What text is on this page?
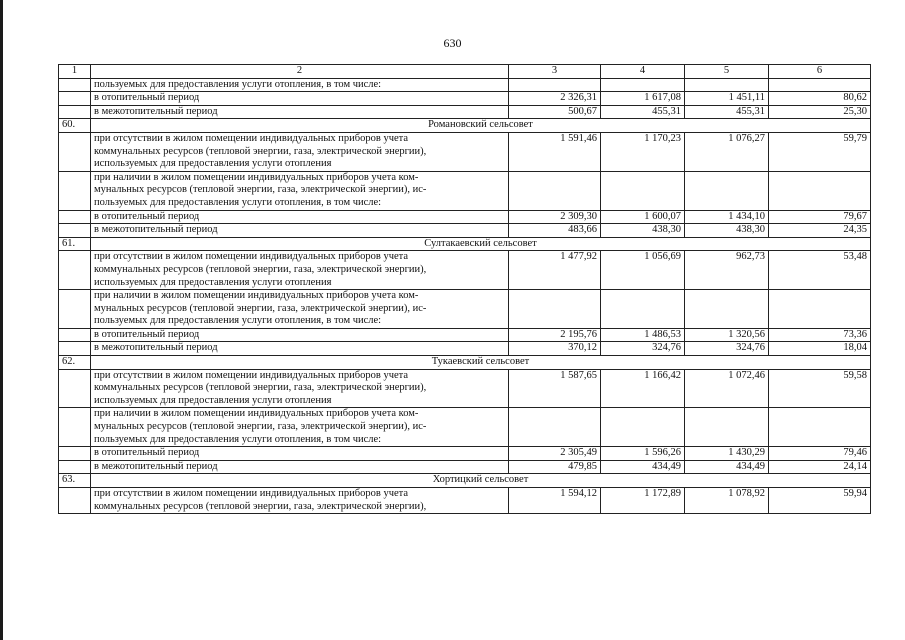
630
1	2	3	4	5	6
	пользуемых для предоставления услуги отопления, в том числе:				
	в отопительный период	2 326,31	1 617,08	1 451,11	80,62
	в межотопительный период	500,67	455,31	455,31	25,30
60.	Романовский сельсовет				

	при отсутствии в жилом помещении индивидуальных приборов учета
коммунальных ресурсов (тепловой энергии, газа, электрической энергии),
используемых для предоставления услуги отопления	1 591,46	1 170,23	1 076,27	59,79

	при наличии в жилом помещении индивидуальных приборов учета ком-
мунальных ресурсов (тепловой энергии, газа, электрической энергии), ис-
пользуемых для предоставления услуги отопления, в том числе:				

	в отопительный период	2 309,30	1 600,07	1 434,10	79,67
	в межотопительный период	483,66	438,30	438,30	24,35
61.	Султакаевский сельсовет				

	при отсутствии в жилом помещении индивидуальных приборов учета
коммунальных ресурсов (тепловой энергии, газа, электрической энергии),
используемых для предоставления услуги отопления	1 477,92	1 056,69	962,73	53,48

	при наличии в жилом помещении индивидуальных приборов учета ком-
мунальных ресурсов (тепловой энергии, газа, электрической энергии), ис-
пользуемых для предоставления услуги отопления, в том числе:				

	в отопительный период	2 195,76	1 486,53	1 320,56	73,36
	в межотопительный период	370,12	324,76	324,76	18,04
62.	Тукаевский сельсовет				

	при отсутствии в жилом помещении индивидуальных приборов учета
коммунальных ресурсов (тепловой энергии, газа, электрической энергии),
используемых для предоставления услуги отопления	1 587,65	1 166,42	1 072,46	59,58

	при наличии в жилом помещении индивидуальных приборов учета ком-
мунальных ресурсов (тепловой энергии, газа, электрической энергии), ис-
пользуемых для предоставления услуги отопления, в том числе:				

	в отопительный период	2 305,49	1 596,26	1 430,29	79,46
	в межотопительный период	479,85	434,49	434,49	24,14
63.	Хортицкий сельсовет				

	при отсутствии в жилом помещении индивидуальных приборов учета
коммунальных ресурсов (тепловой энергии, газа, электрической энергии),	1 594,12	1 172,89	1 078,92	59,94
